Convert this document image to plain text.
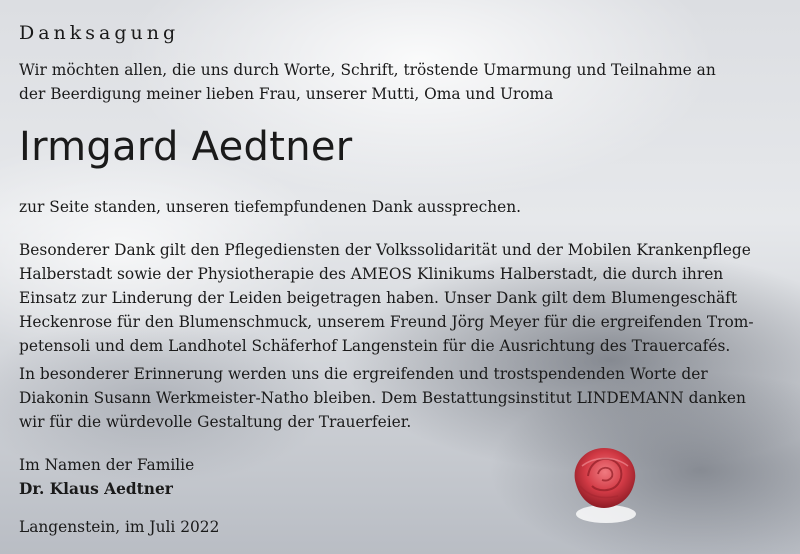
Danksagung

Wir möchten allen, die uns durch Worte, Schrift, tröstende Umarmung und Teilnahme an
der Beerdigung meiner lieben Frau, unserer Mutti, Oma und Uroma

Irmgard Aedtner

zur Seite standen, unseren tiefempfundenen Dank aussprechen.

Besonderer Dank gilt den Pflegediensten der Volkssolidarität und der Mobilen Krankenpflege
Halberstadt sowie der Physiotherapie des AMEOS Klinikums Halberstadt, die durch ihren
Einsatz zur Linderung der Leiden beigetragen haben. Unser Dank gilt dem Blumengeschäft
Heckenrose für den Blumenschmuck, unserem Freund Jörg Meyer für die ergreifenden Trom-
petensoli und dem Landhotel Schäferhof Langenstein für die Ausrichtung des Trauercafés.

In besonderer Erinnerung werden uns die ergreifenden und trostspendenden Worte der
Diakonin Susann Werkmeister-Natho bleiben. Dem Bestattungsinstitut LINDEMANN danken
wir für die würdevolle Gestaltung der Trauerfeier.

Im Namen der Familie

Dr. Klaus Aedtner

Langenstein, im Juli 2022
